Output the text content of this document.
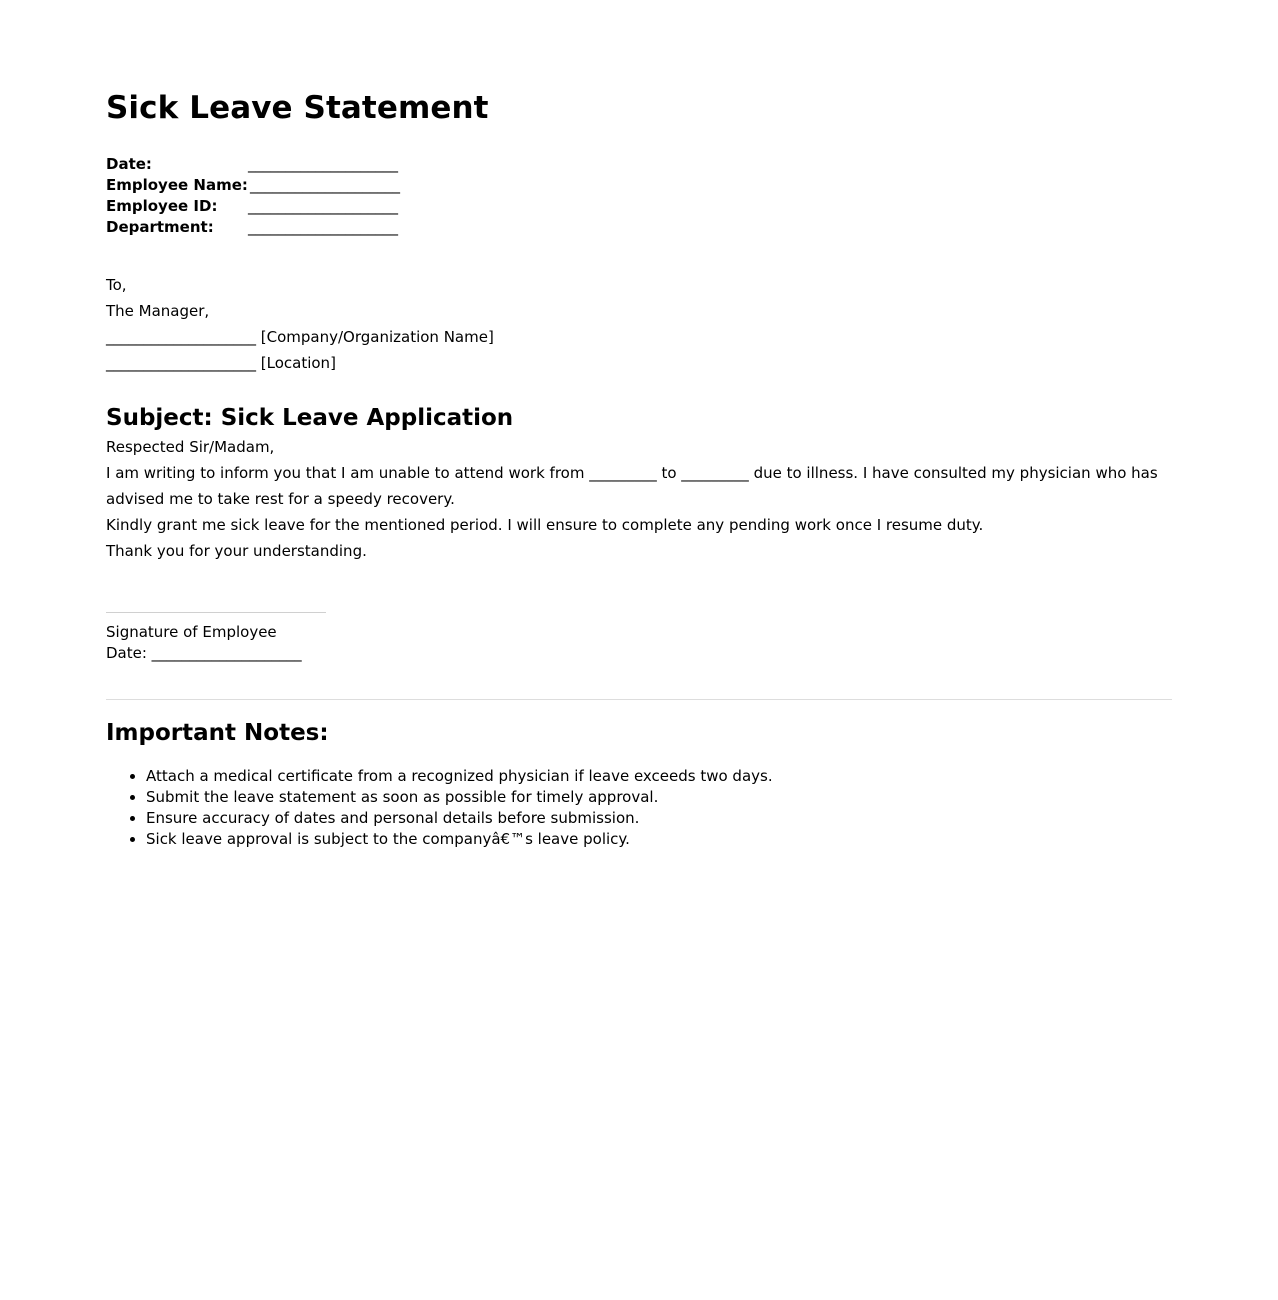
Sick Leave Statement
Date:	____________________
Employee Name: ____________________
Employee ID:	____________________
Department:	____________________
To,
The Manager,
____________________ [Company/Organization Name]
____________________ [Location]
Subject: Sick Leave Application

Respected Sir/Madam,

I am writing to inform you that I am unable to attend work from _________ to _________ due to illness. I have consulted my physician who has advised me to take rest for a speedy recovery.

Kindly grant me sick leave for the mentioned period. I will ensure to complete any pending work once I resume duty.

Thank you for your understanding.

Signature of Employee
Date: ____________________
Important Notes:
• Attach a medical certificate from a recognized physician if leave exceeds two days.
• Submit the leave statement as soon as possible for timely approval.
• Ensure accuracy of dates and personal details before submission.
• Sick leave approval is subject to the companyâ€™s leave policy.
